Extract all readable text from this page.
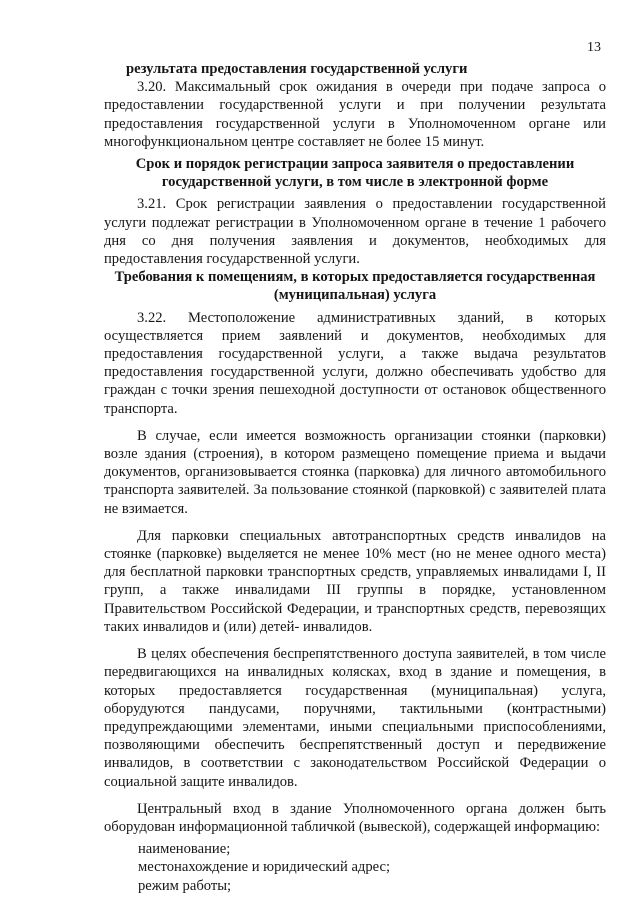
13

результата предоставления государственной услуги

3.20. Максимальный срок ожидания в очереди при подаче запроса о предоставлении государственной услуги и при получении результата предоставления государственной услуги в Уполномоченном органе или многофункциональном центре составляет не более 15 минут.

Срок и порядок регистрации запроса заявителя о предоставлении государственной услуги, в том числе в электронной форме

3.21. Срок регистрации заявления о предоставлении государственной услуги подлежат регистрации в Уполномоченном органе в течение 1 рабочего дня со дня получения заявления и документов, необходимых для предоставления государственной услуги.

Требования к помещениям, в которых предоставляется государственная (муниципальная) услуга

3.22. Местоположение административных зданий, в которых осуществляется прием заявлений и документов, необходимых для предоставления государственной услуги, а также выдача результатов предоставления государственной услуги, должно обеспечивать удобство для граждан с точки зрения пешеходной доступности от остановок общественного транспорта.

В случае, если имеется возможность организации стоянки (парковки) возле здания (строения), в котором размещено помещение приема и выдачи документов, организовывается стоянка (парковка) для личного автомобильного транспорта заявителей. За пользование стоянкой (парковкой) с заявителей плата не взимается.

Для парковки специальных автотранспортных средств инвалидов на стоянке (парковке) выделяется не менее 10% мест (но не менее одного места) для бесплатной парковки транспортных средств, управляемых инвалидами I, II групп, а также инвалидами III группы в порядке, установленном Правительством Российской Федерации, и транспортных средств, перевозящих таких инвалидов и (или) детей- инвалидов.

В целях обеспечения беспрепятственного доступа заявителей, в том числе передвигающихся на инвалидных колясках, вход в здание и помещения, в которых предоставляется государственная (муниципальная) услуга, оборудуются пандусами, поручнями, тактильными (контрастными) предупреждающими элементами, иными специальными приспособлениями, позволяющими обеспечить беспрепятственный доступ и передвижение инвалидов, в соответствии с законодательством Российской Федерации о социальной защите инвалидов.

Центральный вход в здание Уполномоченного органа должен быть оборудован информационной табличкой (вывеской), содержащей информацию:

наименование;
местонахождение и юридический адрес;
режим работы;
